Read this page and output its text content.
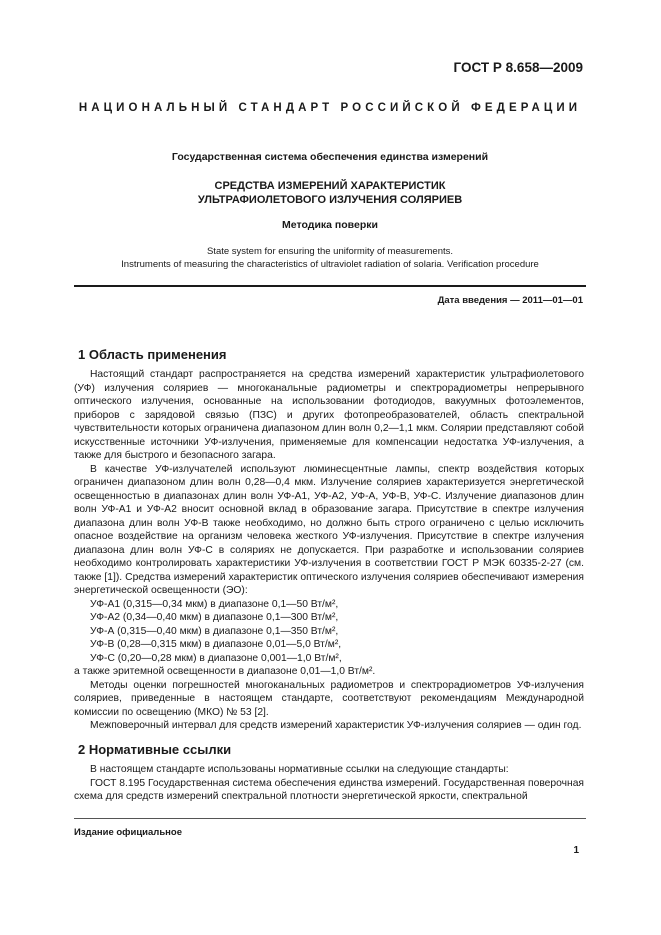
ГОСТ Р 8.658—2009
НАЦИОНАЛЬНЫЙ СТАНДАРТ РОССИЙСКОЙ ФЕДЕРАЦИИ
Государственная система обеспечения единства измерений
СРЕДСТВА ИЗМЕРЕНИЙ ХАРАКТЕРИСТИК
УЛЬТРАФИОЛЕТОВОГО ИЗЛУЧЕНИЯ СОЛЯРИЕВ
Методика поверки
State system for ensuring the uniformity of measurements.
Instruments of measuring the characteristics of ultraviolet radiation of solaria. Verification procedure
Дата введения — 2011—01—01
1 Область применения

Настоящий стандарт распространяется на средства измерений характеристик ультрафиолетового (УФ) излучения соляриев — многоканальные радиометры и спектрорадиометры непрерывного оптического излучения, основанные на использовании фотодиодов, вакуумных фотоэлементов, приборов с зарядовой связью (ПЗС) и других фотопреобразователей, область спектральной чувствительности которых ограничена диапазоном длин волн 0,2—1,1 мкм. Солярии представляют собой искусственные источники УФ-излучения, применяемые для компенсации недостатка УФ-излучения, а также для быстрого и безопасного загара.

В качестве УФ-излучателей используют люминесцентные лампы, спектр воздействия которых ограничен диапазоном длин волн 0,28—0,4 мкм. Излучение соляриев характеризуется энергетической освещенностью в диапазонах длин волн УФ-А1, УФ-А2, УФ-А, УФ-В, УФ-С. Излучение диапазонов длин волн УФ-А1 и УФ-А2 вносит основной вклад в образование загара. Присутствие в спектре излучения диапазона длин волн УФ-В также необходимо, но должно быть строго ограничено с целью исключить опасное воздействие на организм человека жесткого УФ-излучения. Присутствие в спектре излучения диапазона длин волн УФ-С в соляриях не допускается. При разработке и использовании соляриев необходимо контролировать характеристики УФ-излучения в соответствии ГОСТ Р МЭК 60335-2-27 (см. также [1]). Средства измерений характеристик оптического излучения соляриев обеспечивают измерения энергетической освещенности (ЭО):

УФ-А1 (0,315—0,34 мкм) в диапазоне 0,1—50 Вт/м²,

УФ-А2 (0,34—0,40 мкм) в диапазоне 0,1—300 Вт/м²,

УФ-А (0,315—0,40 мкм) в диапазоне 0,1—350 Вт/м²,

УФ-В (0,28—0,315 мкм) в диапазоне 0,01—5,0 Вт/м²,

УФ-С (0,20—0,28 мкм) в диапазоне 0,001—1,0 Вт/м²,

а также эритемной освещенности в диапазоне 0,01—1,0 Вт/м².

Методы оценки погрешностей многоканальных радиометров и спектрорадиометров УФ-излучения соляриев, приведенные в настоящем стандарте, соответствуют рекомендациям Международной комиссии по освещению (МКО) № 53 [2].

Межповерочный интервал для средств измерений характеристик УФ-излучения соляриев — один год.

2 Нормативные ссылки

В настоящем стандарте использованы нормативные ссылки на следующие стандарты:

ГОСТ 8.195 Государственная система обеспечения единства измерений. Государственная поверочная схема для средств измерений спектральной плотности энергетической яркости, спектральной

Издание официальное
1
